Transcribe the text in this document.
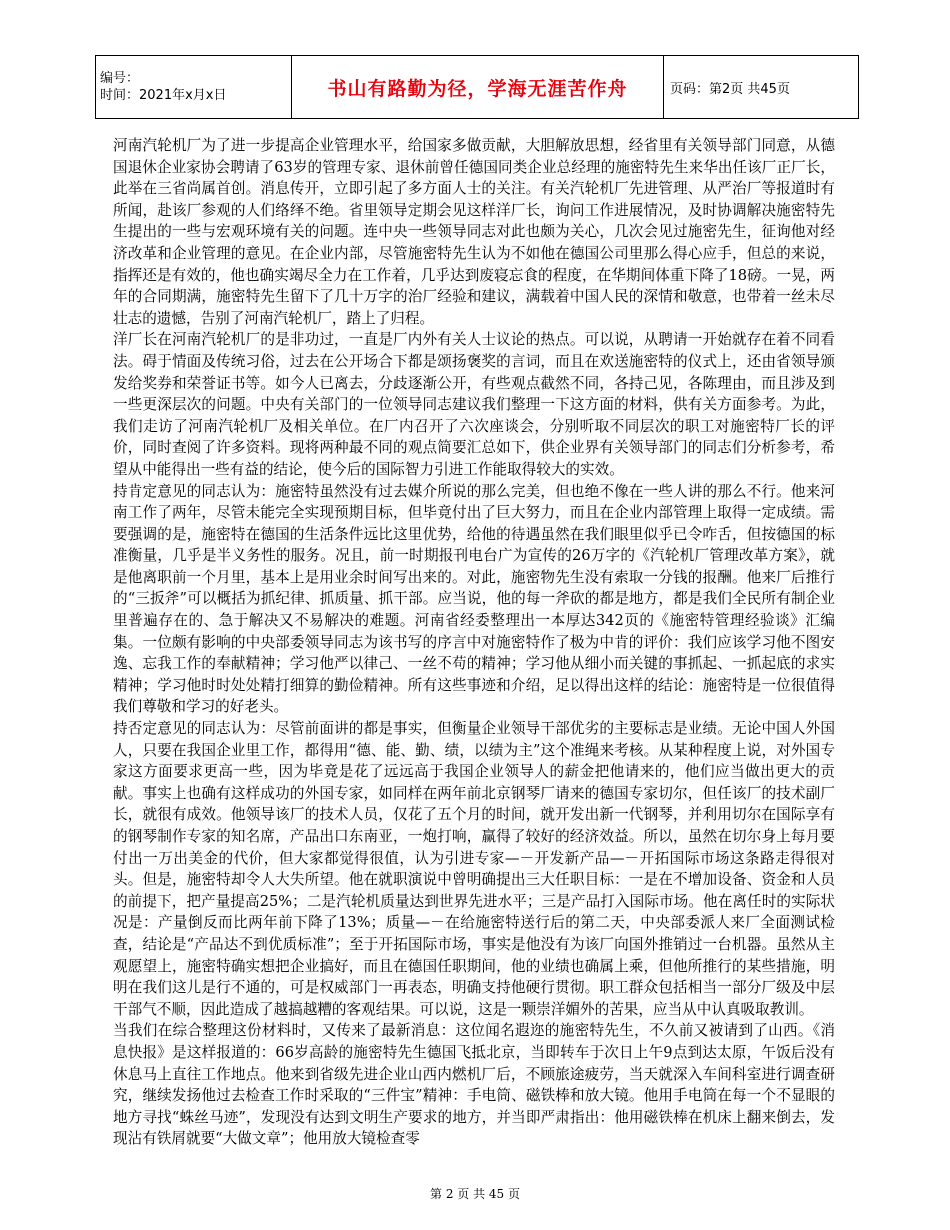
编号：
时间：2021年x月x日	书山有路勤为径，学海无涯苦作舟	页码：第2页 共45页

河南汽轮机厂为了进一步提高企业管理水平，给国家多做贡献，大胆解放思想，经省里有关领导部门同意，从德国退休企业家协会聘请了63岁的管理专家、退休前曾任德国同类企业总经理的施密特先生来华出任该厂正厂长，此举在三省尚属首创。消息传开，立即引起了多方面人士的关注。有关汽轮机厂先进管理、从严治厂等报道时有所闻，赴该厂参观的人们络绎不绝。省里领导定期会见这样洋厂长，询问工作进展情况，及时协调解决施密特先生提出的一些与宏观环境有关的问题。连中央一些领导同志对此也颇为关心，几次会见过施密先生，征询他对经济改革和企业管理的意见。在企业内部，尽管施密特先生认为不如他在德国公司里那么得心应手，但总的来说，指挥还是有效的，他也确实竭尽全力在工作着，几乎达到废寝忘食的程度，在华期间体重下降了18磅。一晃，两年的合同期满，施密特先生留下了几十万字的治厂经验和建议，满载着中国人民的深情和敬意，也带着一丝未尽壮志的遗憾，告别了河南汽轮机厂，踏上了归程。

洋厂长在河南汽轮机厂的是非功过，一直是厂内外有关人士议论的热点。可以说，从聘请一开始就存在着不同看法。碍于情面及传统习俗，过去在公开场合下都是颂扬褒奖的言词，而且在欢送施密特的仪式上，还由省领导颁发给奖券和荣誉证书等。如今人已离去，分歧逐渐公开，有些观点截然不同，各持己见，各陈理由，而且涉及到一些更深层次的问题。中央有关部门的一位领导同志建议我们整理一下这方面的材料，供有关方面参考。为此，我们走访了河南汽轮机厂及相关单位。在厂内召开了六次座谈会，分别听取不同层次的职工对施密特厂长的评价，同时查阅了许多资料。现将两种最不同的观点简要汇总如下，供企业界有关领导部门的同志们分析参考，希望从中能得出一些有益的结论，使今后的国际智力引进工作能取得较大的实效。

持肯定意见的同志认为：施密特虽然没有过去媒介所说的那么完美，但也绝不像在一些人讲的那么不行。他来河南工作了两年，尽管未能完全实现预期目标，但毕竟付出了巨大努力，而且在企业内部管理上取得一定成绩。需要强调的是，施密特在德国的生活条件远比这里优势，给他的待遇虽然在我们眼里似乎已令咋舌，但按德国的标准衡量，几乎是半义务性的服务。况且，前一时期报刊电台广为宣传的26万字的《汽轮机厂管理改革方案》，就是他离职前一个月里，基本上是用业余时间写出来的。对此，施密物先生没有索取一分钱的报酬。他来厂后推行的“三扳斧”可以概括为抓纪律、抓质量、抓干部。应当说，他的每一斧砍的都是地方，都是我们全民所有制企业里普遍存在的、急于解决又不易解决的难题。河南省经委整理出一本厚达342页的《施密特管理经验谈》汇编集。一位颇有影响的中央部委领导同志为该书写的序言中对施密特作了极为中肯的评价：我们应该学习他不图安逸、忘我工作的奉献精神；学习他严以律己、一丝不苟的精神；学习他从细小而关键的事抓起、一抓起底的求实精神；学习他时时处处精打细算的勤俭精神。所有这些事迹和介绍，足以得出这样的结论：施密特是一位很值得我们尊敬和学习的好老头。

持否定意见的同志认为：尽管前面讲的都是事实，但衡量企业领导干部优劣的主要标志是业绩。无论中国人外国人，只要在我国企业里工作，都得用“德、能、勤、绩，以绩为主”这个准绳来考核。从某种程度上说，对外国专家这方面要求更高一些，因为毕竟是花了远远高于我国企业领导人的薪金把他请来的，他们应当做出更大的贡献。事实上也确有这样成功的外国专家，如同样在两年前北京钢琴厂请来的德国专家切尔，但任该厂的技术副厂长，就很有成效。他领导该厂的技术人员，仅花了五个月的时间，就开发出新一代钢琴，并利用切尔在国际享有的钢琴制作专家的知名席，产品出口东南亚，一炮打响，赢得了较好的经济效益。所以，虽然在切尔身上每月要付出一万出美金的代价，但大家都觉得很值，认为引进专家—－开发新产品—－开拓国际市场这条路走得很对头。但是，施密特却令人大失所望。他在就职演说中曾明确提出三大任职目标：一是在不增加设备、资金和人员的前提下，把产量提高25%；二是汽轮机质量达到世界先进水平；三是产品打入国际市场。他在离任时的实际状况是：产量倒反而比两年前下降了13%；质量—－在给施密特送行后的第二天，中央部委派人来厂全面测试检查，结论是“产品达不到优质标准”；至于开拓国际市场，事实是他没有为该厂向国外推销过一台机器。虽然从主观愿望上，施密特确实想把企业搞好，而且在德国任职期间，他的业绩也确属上乘，但他所推行的某些措施，明明在我们这儿是行不通的，可是权威部门一再表态，明确支持他硬行贯彻。职工群众包括相当一部分厂级及中层干部气不顺，因此造成了越搞越糟的客观结果。可以说，这是一颗崇洋媚外的苦果，应当从中认真吸取教训。

当我们在综合整理这份材料时，又传来了最新消息：这位闻名遐迩的施密特先生，不久前又被请到了山西。《消息快报》是这样报道的：66岁高龄的施密特先生德国飞抵北京，当即转车于次日上午9点到达太原，午饭后没有休息马上直往工作地点。他来到省级先进企业山西内燃机厂后，不顾旅途疲劳，当天就深入车间科室进行调查研究，继续发扬他过去检查工作时采取的“三件宝”精神：手电筒、磁铁棒和放大镜。他用手电筒在每一个不显眼的地方寻找“蛛丝马迹”，发现没有达到文明生产要求的地方，并当即严肃指出：他用磁铁棒在机床上翻来倒去，发现沾有铁屑就要“大做文章”；他用放大镜检查零

第 2 页 共 45 页
